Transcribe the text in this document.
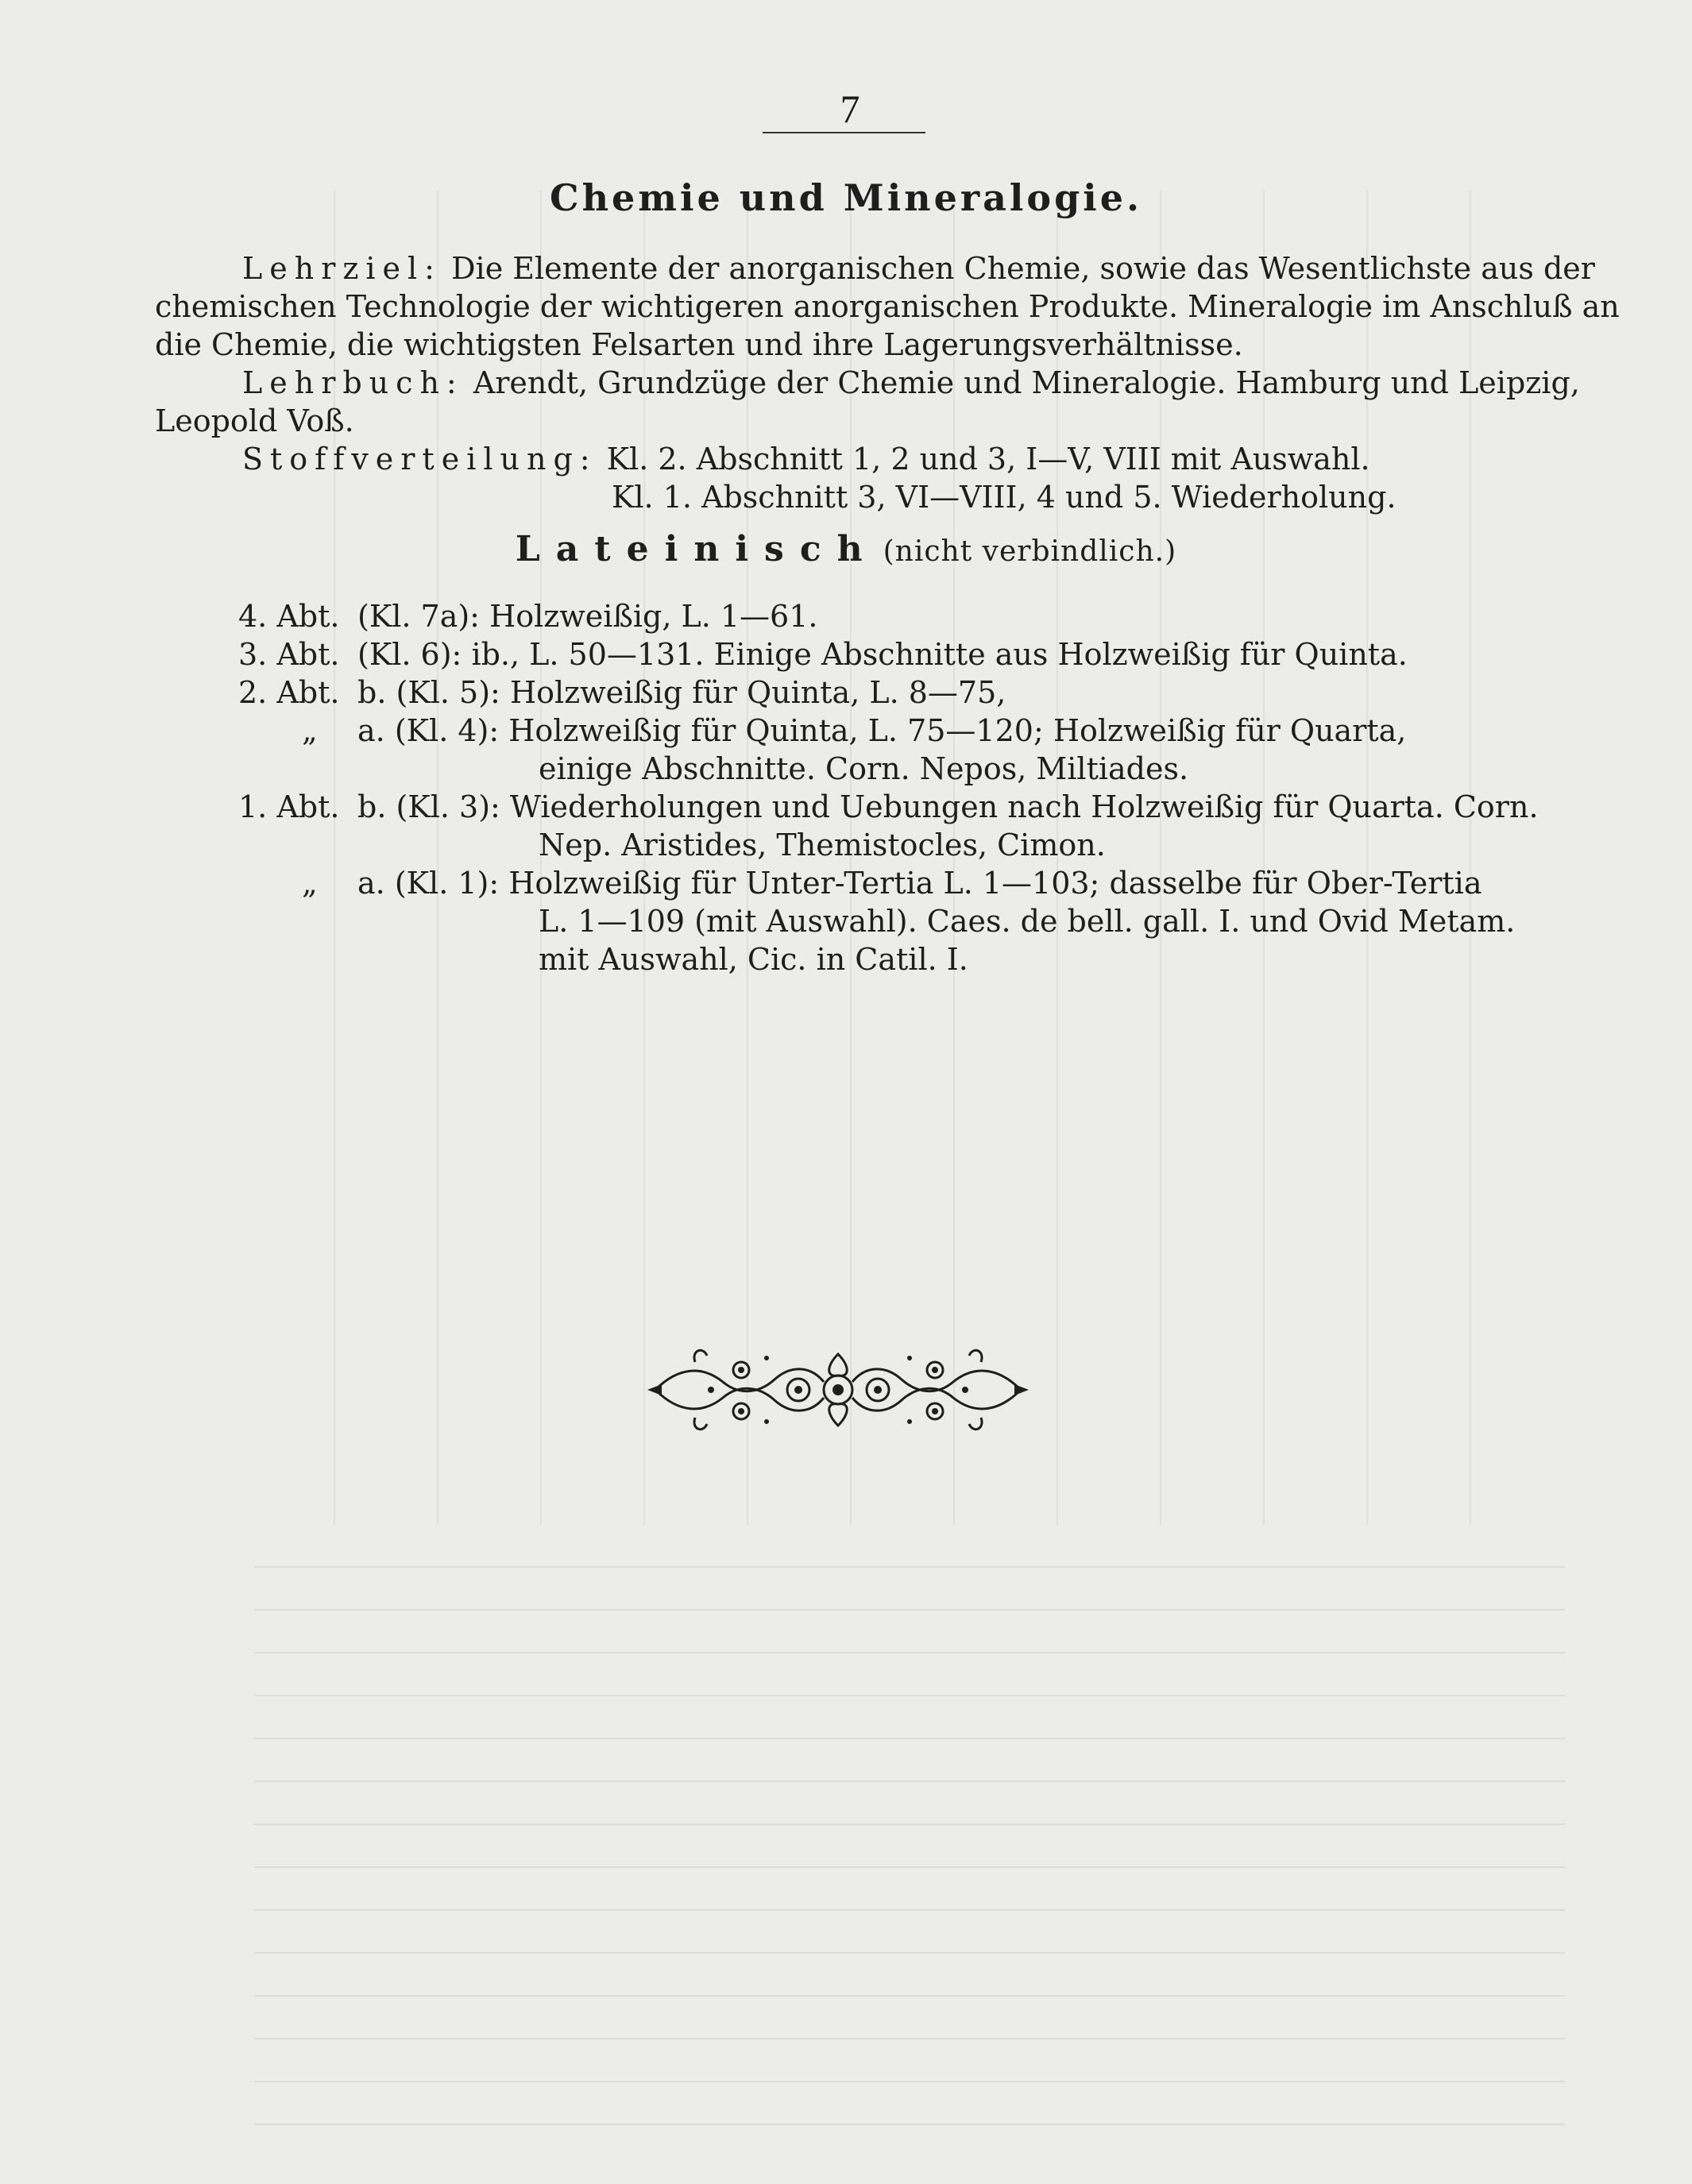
7
Chemie und Mineralogie.
Lehrziel: Die Elemente der anorganischen Chemie, sowie das Wesentlichste aus der
chemischen Technologie der wichtigeren anorganischen Produkte. Mineralogie im Anschluß an
die Chemie, die wichtigsten Felsarten und ihre Lagerungsverhältnisse.
Lehrbuch: Arendt, Grundzüge der Chemie und Mineralogie. Hamburg und Leipzig,
Leopold Voß.
Stoffverteilung: Kl. 2. Abschnitt 1, 2 und 3, I—V, VIII mit Auswahl.
Kl. 1. Abschnitt 3, VI—VIII, 4 und 5. Wiederholung.
Lateinisch (nicht verbindlich.)
4. Abt. (Kl. 7a): Holzweißig, L. 1—61.
3. Abt. (Kl. 6): ib., L. 50—131. Einige Abschnitte aus Holzweißig für Quinta.
2. Abt. b. (Kl. 5): Holzweißig für Quinta, L. 8—75,
„ a. (Kl. 4): Holzweißig für Quinta, L. 75—120; Holzweißig für Quarta,
einige Abschnitte. Corn. Nepos, Miltiades.
1. Abt. b. (Kl. 3): Wiederholungen und Uebungen nach Holzweißig für Quarta. Corn.
Nep. Aristides, Themistocles, Cimon.
„ a. (Kl. 1): Holzweißig für Unter-Tertia L. 1—103; dasselbe für Ober-Tertia
L. 1—109 (mit Auswahl). Caes. de bell. gall. I. und Ovid Metam.
mit Auswahl, Cic. in Catil. I.
